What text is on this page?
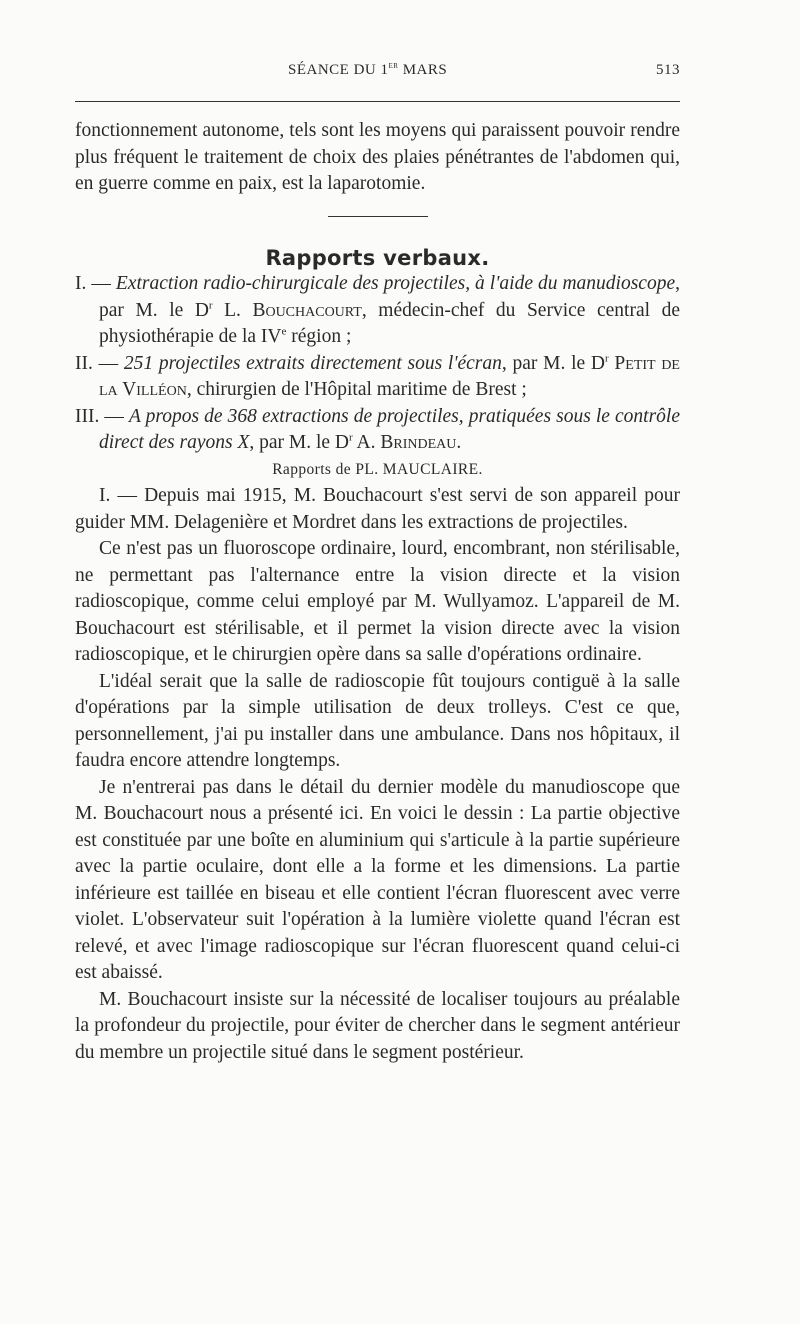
SÉANCE DU 1er MARS	513

fonctionnement autonome, tels sont les moyens qui paraissent pouvoir rendre plus fréquent le traitement de choix des plaies pénétrantes de l'abdomen qui, en guerre comme en paix, est la laparotomie.

Rapports verbaux.

I. — Extraction radio-chirurgicale des projectiles, à l'aide du manudioscope, par M. le $D^r$ L. Bouchacourt, médecin-chef du Service central de physiothérapie de la IVe région ;

II. — 251 projectiles extraits directement sous l'écran, par M. le $D^r$ Petit de la Villéon, chirurgien de l'Hôpital maritime de Brest ;

III. — A propos de 368 extractions de projectiles, pratiquées sous le contrôle direct des rayons X, par M. le $D^r$ A. Brindeau.

Rapports de PL. MAUCLAIRE.

I. — Depuis mai 1915, M. Bouchacourt s'est servi de son appareil pour guider MM. Delagenière et Mordret dans les extractions de projectiles.

Ce n'est pas un fluoroscope ordinaire, lourd, encombrant, non stérilisable, ne permettant pas l'alternance entre la vision directe et la vision radioscopique, comme celui employé par M. Wullyamoz. L'appareil de M. Bouchacourt est stérilisable, et il permet la vision directe avec la vision radioscopique, et le chirurgien opère dans sa salle d'opérations ordinaire.

L'idéal serait que la salle de radioscopie fût toujours contiguë à la salle d'opérations par la simple utilisation de deux trolleys. C'est ce que, personnellement, j'ai pu installer dans une ambulance. Dans nos hôpitaux, il faudra encore attendre longtemps.

Je n'entrerai pas dans le détail du dernier modèle du manudioscope que M. Bouchacourt nous a présenté ici. En voici le dessin : La partie objective est constituée par une boîte en aluminium qui s'articule à la partie supérieure avec la partie oculaire, dont elle a la forme et les dimensions. La partie inférieure est taillée en biseau et elle contient l'écran fluorescent avec verre violet. L'observateur suit l'opération à la lumière violette quand l'écran est relevé, et avec l'image radioscopique sur l'écran fluorescent quand celui-ci est abaissé.

M. Bouchacourt insiste sur la nécessité de localiser toujours au préalable la profondeur du projectile, pour éviter de chercher dans le segment antérieur du membre un projectile situé dans le segment postérieur.
